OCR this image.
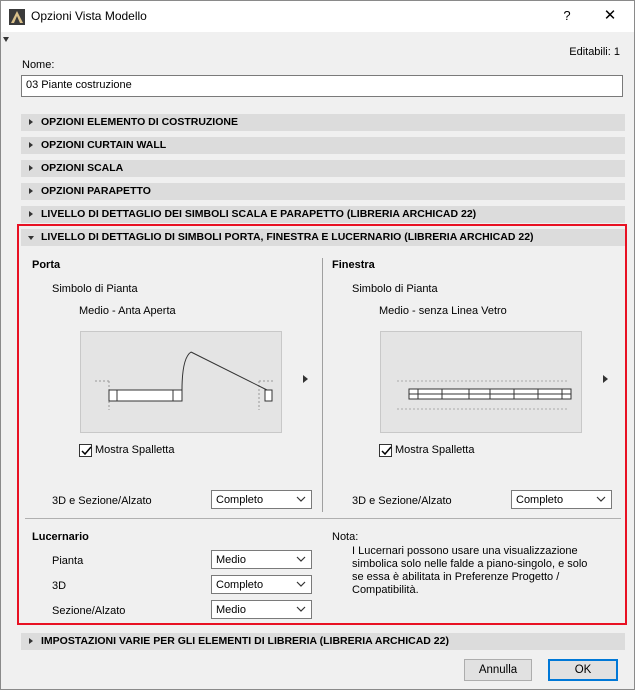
Opzioni Vista Modello	?	✕
Editabili: 1
Nome:
03 Piante costruzione
OPZIONI ELEMENTO DI COSTRUZIONE
OPZIONI CURTAIN WALL
OPZIONI SCALA
OPZIONI PARAPETTO
LIVELLO DI DETTAGLIO DEI SIMBOLI SCALA E PARAPETTO (LIBRERIA ARCHICAD 22)
LIVELLO DI DETTAGLIO DI SIMBOLI PORTA, FINESTRA E LUCERNARIO (LIBRERIA ARCHICAD 22)
Porta
Simbolo di Pianta
Medio - Anta Aperta
Mostra Spalletta
3D e Sezione/Alzato	Completo
Finestra
Simbolo di Pianta
Medio - senza Linea Vetro
Mostra Spalletta
3D e Sezione/Alzato	Completo
Lucernario
Pianta	Medio
3D	Completo
Sezione/Alzato	Medio
Nota:
I Lucernari possono usare una visualizzazione simbolica solo nelle falde a piano-singolo, e solo se essa è abilitata in Preferenze Progetto / Compatibilità.
IMPOSTAZIONI VARIE PER GLI ELEMENTI DI LIBRERIA (LIBRERIA ARCHICAD 22)
Annulla	OK
